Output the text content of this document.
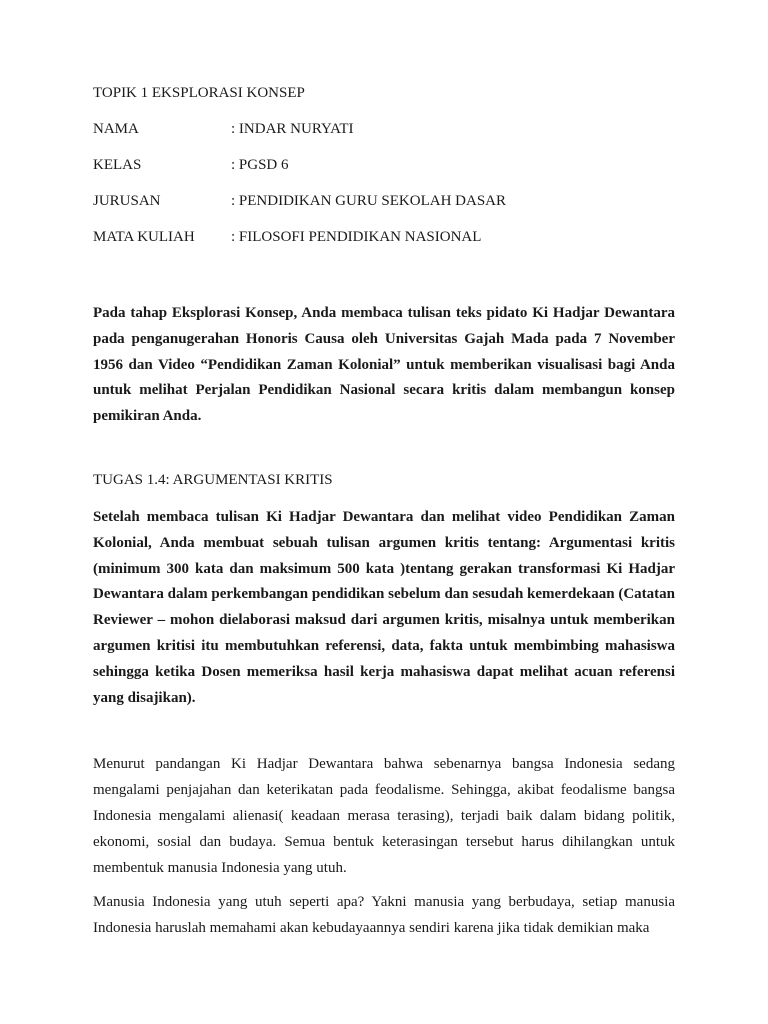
TOPIK 1 EKSPLORASI KONSEP
NAMA	: INDAR NURYATI
KELAS	: PGSD 6
JURUSAN	: PENDIDIKAN GURU SEKOLAH DASAR
MATA KULIAH	: FILOSOFI PENDIDIKAN NASIONAL

Pada tahap Eksplorasi Konsep, Anda membaca tulisan teks pidato Ki Hadjar Dewantara pada penganugerahan Honoris Causa oleh Universitas Gajah Mada pada 7 November 1956 dan Video “Pendidikan Zaman Kolonial” untuk memberikan visualisasi bagi Anda untuk melihat Perjalan Pendidikan Nasional secara kritis dalam membangun konsep pemikiran Anda.

TUGAS 1.4: ARGUMENTASI KRITIS

Setelah membaca tulisan Ki Hadjar Dewantara dan melihat video Pendidikan Zaman Kolonial, Anda membuat sebuah tulisan argumen kritis tentang: Argumentasi kritis (minimum 300 kata dan maksimum 500 kata )tentang gerakan transformasi Ki Hadjar Dewantara dalam perkembangan pendidikan sebelum dan sesudah kemerdekaan (Catatan Reviewer – mohon dielaborasi maksud dari argumen kritis, misalnya untuk memberikan argumen kritisi itu membutuhkan referensi, data, fakta untuk membimbing mahasiswa sehingga ketika Dosen memeriksa hasil kerja mahasiswa dapat melihat acuan referensi yang disajikan).

Menurut pandangan Ki Hadjar Dewantara bahwa sebenarnya bangsa Indonesia sedang mengalami penjajahan dan keterikatan pada feodalisme. Sehingga, akibat feodalisme bangsa Indonesia mengalami alienasi( keadaan merasa terasing), terjadi baik dalam bidang politik, ekonomi, sosial dan budaya. Semua bentuk keterasingan tersebut harus dihilangkan untuk membentuk manusia Indonesia yang utuh.

Manusia Indonesia yang utuh seperti apa? Yakni manusia yang berbudaya, setiap manusia Indonesia haruslah memahami akan kebudayaannya sendiri karena jika tidak demikian maka
